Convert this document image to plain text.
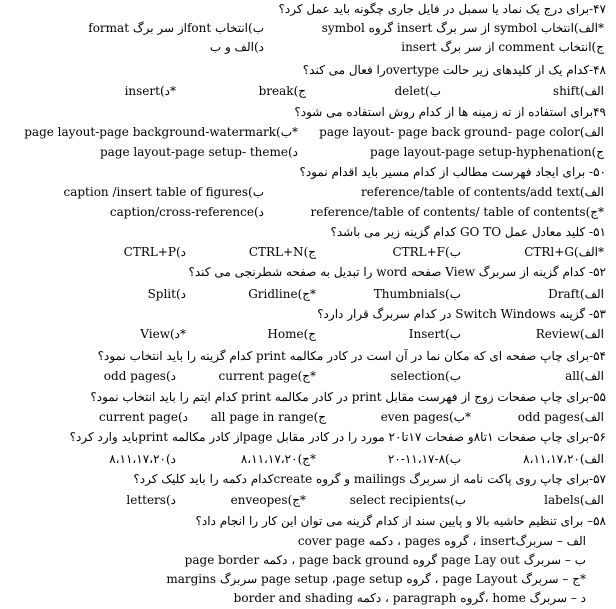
۴۷-برای درج یک نماد یا سمبل در فایل جاری چگونه باید عمل کرد؟
*الف)انتخاب symbol از سر برگ insert گروه symbol
ب)انتخاب fontاز سر برگ format
ج)انتخاب comment از سر برگ insert
د)الف و ب
۴۸-کدام یک از کلیدهای زیر حالت overtypeرا فعال می کند؟
الف)shift
ب)delet
ج)break
*د)insert
۴۹برای استفاده از ته زمینه ها از کدام روش استفاده می شود؟
الف)page layout- page back ground- page color
*ب)page layout-page background-watermark
ج)page layout-page setup-hyphenation
د)page layout-page setup- theme
۵۰- برای ایجاد فهرست مطالب از کدام مسیر باید اقدام نمود؟
الف)reference/table of contents/add text
ب)caption /insert table of figures
*ج)reference/table of contents/ table of contents
د)caption/cross-reference
۵۱- کلید معادل عمل GO TO کدام گزینه زیر می باشد؟
*الف)CTRl+G
ب)CTRL+F
ج)CTRL+N
د)CTRL+P
۵۲- کدام گزینه از سربرگ View صفحه word را تبدیل به صفحه شطرنجی می کند؟
الف)Draft
ب)Thumbnials
*ج)Gridline
د)Split
۵۳- گزینه Switch Windows در کدام سربرگ قرار دارد؟
الف)Review
ب)Insert
ج)Home
*د)View
۵۴-برای چاپ صفحه ای که مکان نما در آن است در کادر مکالمه print کدام گزینه را باید انتخاب نمود؟
الف)all
ب)selection
*ج)current page
د)odd pages
۵۵-برای چاپ صفحات زوج از فهرست مقابل print در کادر مکالمه print کدام ایتم را باید انتخاب نمود؟
الف)odd pages
*ب)even pages
ج)all page in range
د)current page
۵۶-برای چاپ صفحات ۱تا۸و صفحات ۱۷تا۲۰ مورد را در کادر مقابل pageاز کادر مکالمه printباید وارد کرد؟
الف)۸،۱۱،۱۷،۲۰
ب)۸-۱۱،۱۷-۲۰
*ج)۸،۱۱،۱۷،۲۰
د)۸،۱۱،۱۷،۲۰
۵۷-برای چاپ روی پاکت نامه از سربرگ mailings و گروه createکدام دکمه را باید کلیک کرد؟
الف)labels
ب)select recipients
*ج)enveopes
د)letters
۵۸– برای تنظیم حاشیه بالا و پایین سند از کدام گزینه می توان این کار را انجام داد؟
الف – سربرگinsert ، گروه pages ، دکمه cover page
ب – سربرگ page Lay out گروه page back ground ، دکمه page border
*ج – سربرگ page Layout ، گروه page setup ،page setup سربرگ margins
د – سربرگ home ،گروه paragraph ، دکمه border and shading
